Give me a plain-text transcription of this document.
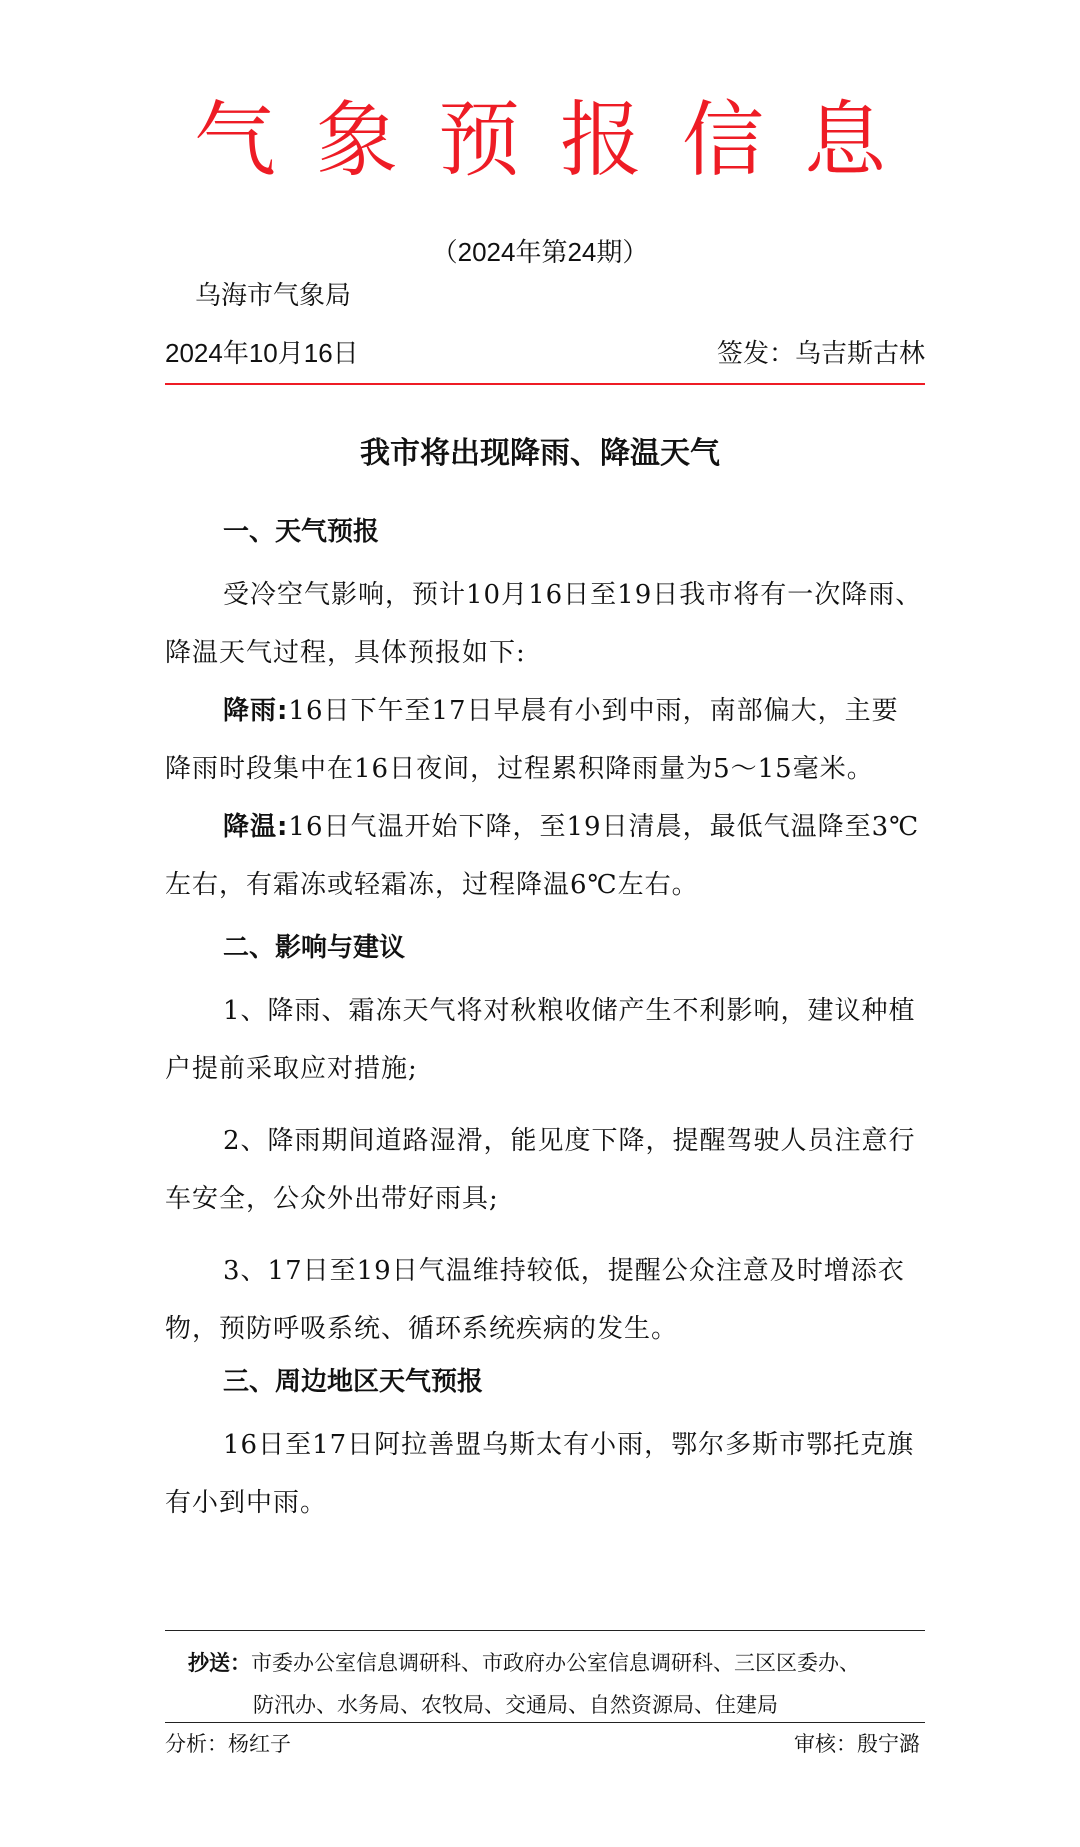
气象预报信息
（2024年第24期）
乌海市气象局
2024年10月16日	签发：乌吉斯古林
我市将出现降雨、降温天气

一、天气预报

受冷空气影响，预计10月16日至19日我市将有一次降雨、降温天气过程，具体预报如下:

降雨:16日下午至17日早晨有小到中雨，南部偏大，主要降雨时段集中在16日夜间，过程累积降雨量为5～15毫米。

降温:16日气温开始下降，至19日清晨，最低气温降至3℃左右，有霜冻或轻霜冻，过程降温6℃左右。

二、影响与建议

1、降雨、霜冻天气将对秋粮收储产生不利影响，建议种植户提前采取应对措施;

2、降雨期间道路湿滑，能见度下降，提醒驾驶人员注意行车安全，公众外出带好雨具;

3、17日至19日气温维持较低，提醒公众注意及时增添衣物，预防呼吸系统、循环系统疾病的发生。

三、周边地区天气预报

16日至17日阿拉善盟乌斯太有小雨，鄂尔多斯市鄂托克旗有小到中雨。

抄送：市委办公室信息调研科、市政府办公室信息调研科、三区区委办、
防汛办、水务局、农牧局、交通局、自然资源局、住建局
分析：杨红子	审核：殷宁潞
